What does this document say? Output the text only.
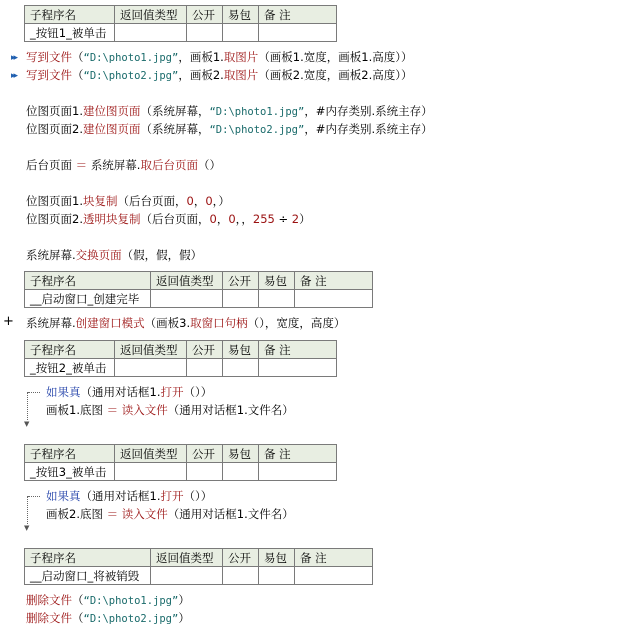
子程序名	返回值类型	公开	易包	备 注
_按钮1_被单击				
▸▸ 写到文件（“D:\photo1.jpg”，画板1.取图片（画板1.宽度，画板1.高度））
▸▸ 写到文件（“D:\photo2.jpg”，画板2.取图片（画板2.宽度，画板2.高度））
位图页面1.建位图页面（系统屏幕，“D:\photo1.jpg”，#内存类别.系统主存）
位图页面2.建位图页面（系统屏幕，“D:\photo2.jpg”，#内存类别.系统主存）
后台页面 ＝ 系统屏幕.取后台页面（）
位图页面1.块复制（后台页面，0，0，）
位图页面2.透明块复制（后台页面，0，0，，255 ÷ 2）
系统屏幕.交换页面（假，假，假）
子程序名	返回值类型	公开	易包	备 注
__启动窗口_创建完毕				
+ 系统屏幕.创建窗口模式（画板3.取窗口句柄（），宽度，高度）
子程序名	返回值类型	公开	易包	备 注
_按钮2_被单击				
▼
如果真（通用对话框1.打开（））
画板1.底图 ＝ 读入文件（通用对话框1.文件名）
子程序名	返回值类型	公开	易包	备 注
_按钮3_被单击				
▼
如果真（通用对话框1.打开（））
画板2.底图 ＝ 读入文件（通用对话框1.文件名）
子程序名	返回值类型	公开	易包	备 注
__启动窗口_将被销毁				
删除文件（“D:\photo1.jpg”）
删除文件（“D:\photo2.jpg”）
